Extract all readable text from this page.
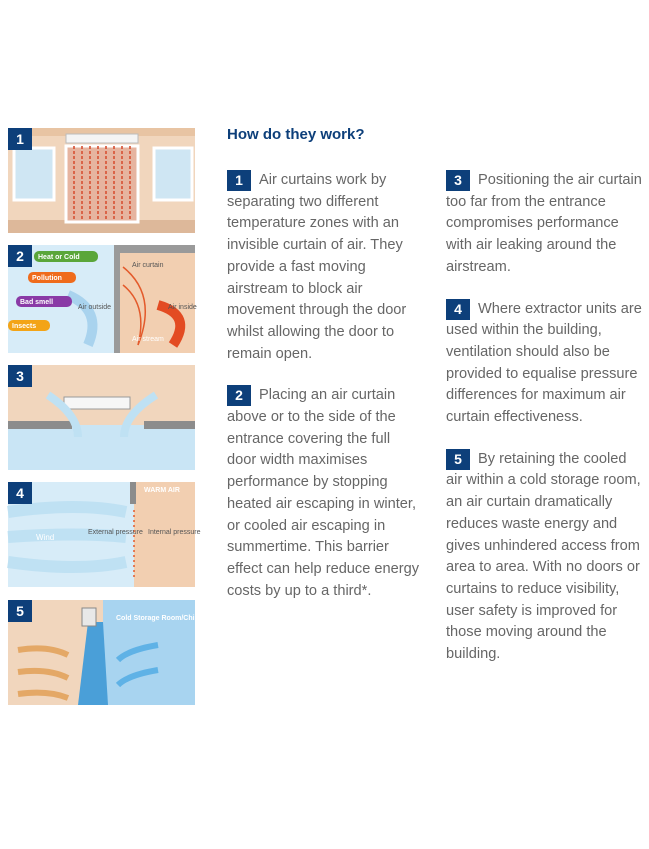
1
Heat or Cold
Pollution
Bad smell
Insects
Air outside
Air curtain
Air inside
Air stream
2
3
WARM AIR
Wind
External pressure Internal pressure
4
Cold Storage Room/Chiller
5
How do they work?

1 Air curtains work by separating two different temperature zones with an invisible curtain of air. They provide a fast moving airstream to block air movement through the door whilst allowing the door to remain open.

2 Placing an air curtain above or to the side of the entrance covering the full door width maximises performance by stopping heated air escaping in winter, or cooled air escaping in summertime. This barrier effect can help reduce energy costs by up to a third*.

3 Positioning the air curtain too far from the entrance compromises performance with air leaking around the airstream.

4 Where extractor units are used within the building, ventilation should also be provided to equalise pressure differences for maximum air curtain effectiveness.

5 By retaining the cooled air within a cold storage room, an air curtain dramatically reduces waste energy and gives unhindered access from area to area. With no doors or curtains to reduce visibility, user safety is improved for those moving around the building.
